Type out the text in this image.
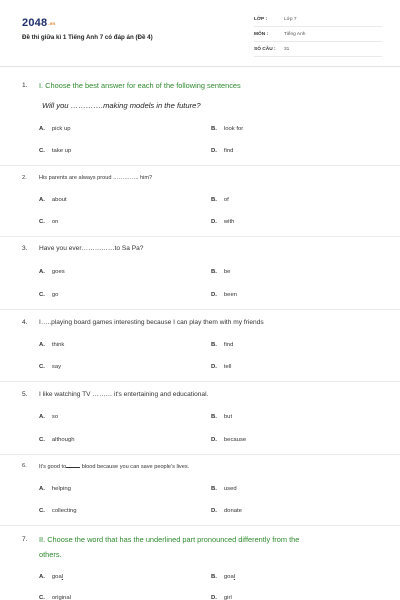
$2048_{.vn}$
Đề thi giữa kì 1 Tiếng Anh 7 có đáp án (Đề 4)
LỚP :	Lớp 7
MÔN :	Tiếng Anh
SỐ CÂU : 31
1. I. Choose the best answer for each of the following sentences
Will you ………….making models in the future?
A. pick up	B. look for
C. take up	D. find
2. His parents are always proud ………….. him?
A. about	B. of
C. on	D. with
3. Have you ever……………to Sa Pa?
A. goes	B. be
C. go	D. been
4. I…..playing board games interesting because I can play them with my friends
A. think	B. find
C. say	D. tell
5. I like watching TV ……… it's entertaining and educational.
A. so	B. but
C. although	D. because
6. It's good to	blood because you can save people's lives.
A. helping	B. used
C. collecting	D. donate
7. II. Choose the word that has the underlined part pronounced differently from the
others.
A. goal	B. goal
C. original	D. girl
